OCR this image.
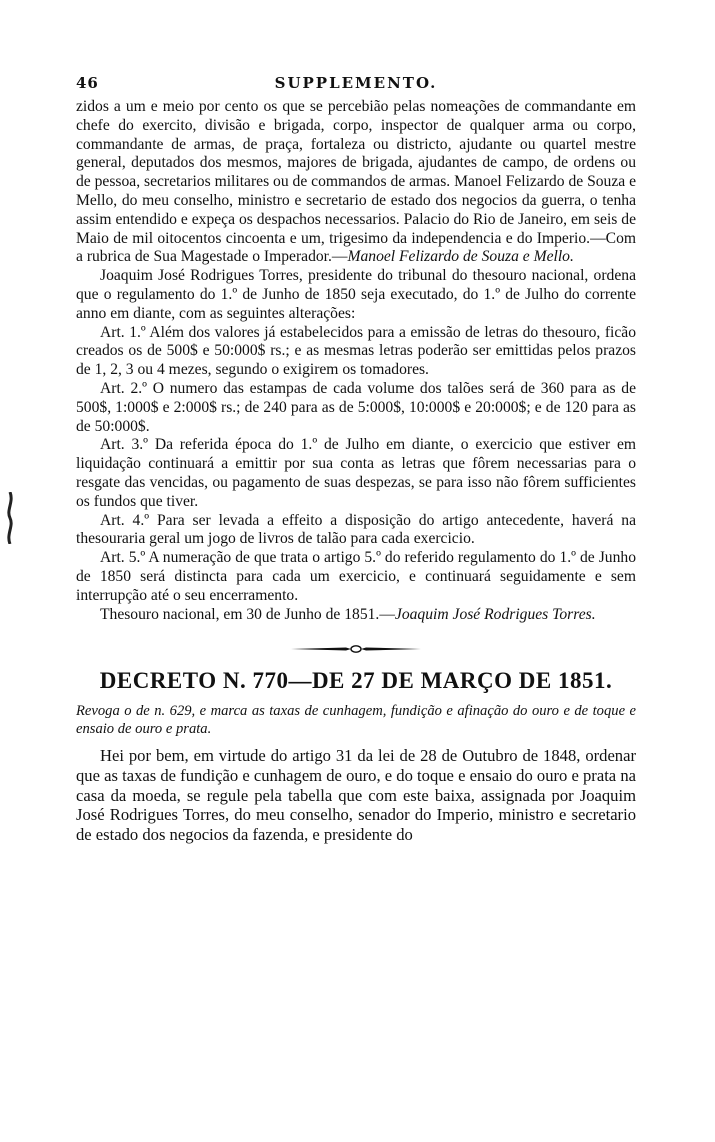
46	SUPPLEMENTO.

zidos a um e meio por cento os que se percebião pelas nomeações de commandante em chefe do exercito, divisão e brigada, corpo, inspector de qualquer arma ou corpo, commandante de armas, de praça, fortaleza ou districto, ajudante ou quartel mestre general, deputados dos mesmos, majores de brigada, ajudantes de campo, de ordens ou de pessoa, secretarios militares ou de commandos de armas. Manoel Felizardo de Souza e Mello, do meu conselho, ministro e secretario de estado dos negocios da guerra, o tenha assim entendido e expeça os despachos necessarios. Palacio do Rio de Janeiro, em seis de Maio de mil oitocentos cincoenta e um, trigesimo da independencia e do Imperio.—Com a rubrica de Sua Magestade o Imperador.—Manoel Felizardo de Souza e Mello.

Joaquim José Rodrigues Torres, presidente do tribunal do thesouro nacional, ordena que o regulamento do 1.º de Junho de 1850 seja executado, do 1.º de Julho do corrente anno em diante, com as seguintes alterações:

Art. 1.º Além dos valores já estabelecidos para a emissão de letras do thesouro, ficão creados os de 500$ e 50:000$ rs.; e as mesmas letras poderão ser emittidas pelos prazos de 1, 2, 3 ou 4 mezes, segundo o exigirem os tomadores.

Art. 2.º O numero das estampas de cada volume dos talões será de 360 para as de 500$, 1:000$ e 2:000$ rs.; de 240 para as de 5:000$, 10:000$ e 20:000$; e de 120 para as de 50:000$.

Art. 3.º Da referida época do 1.º de Julho em diante, o exercicio que estiver em liquidação continuará a emittir por sua conta as letras que fôrem necessarias para o resgate das vencidas, ou pagamento de suas despezas, se para isso não fôrem sufficientes os fundos que tiver.

Art. 4.º Para ser levada a effeito a disposição do artigo antecedente, haverá na thesouraria geral um jogo de livros de talão para cada exercicio.

Art. 5.º A numeração de que trata o artigo 5.º do referido regulamento do 1.º de Junho de 1850 será distincta para cada um exercicio, e continuará seguidamente e sem interrupção até o seu encerramento.

Thesouro nacional, em 30 de Junho de 1851.—Joaquim José Rodrigues Torres.

DECRETO N. 770—DE 27 DE MARÇO DE 1851.

Revoga o de n. 629, e marca as taxas de cunhagem, fundição e afinação do ouro e de toque e ensaio de ouro e prata.

Hei por bem, em virtude do artigo 31 da lei de 28 de Outubro de 1848, ordenar que as taxas de fundição e cunhagem de ouro, e do toque e ensaio do ouro e prata na casa da moeda, se regule pela tabella que com este baixa, assignada por Joaquim José Rodrigues Torres, do meu conselho, senador do Imperio, ministro e secretario de estado dos negocios da fazenda, e presidente do
